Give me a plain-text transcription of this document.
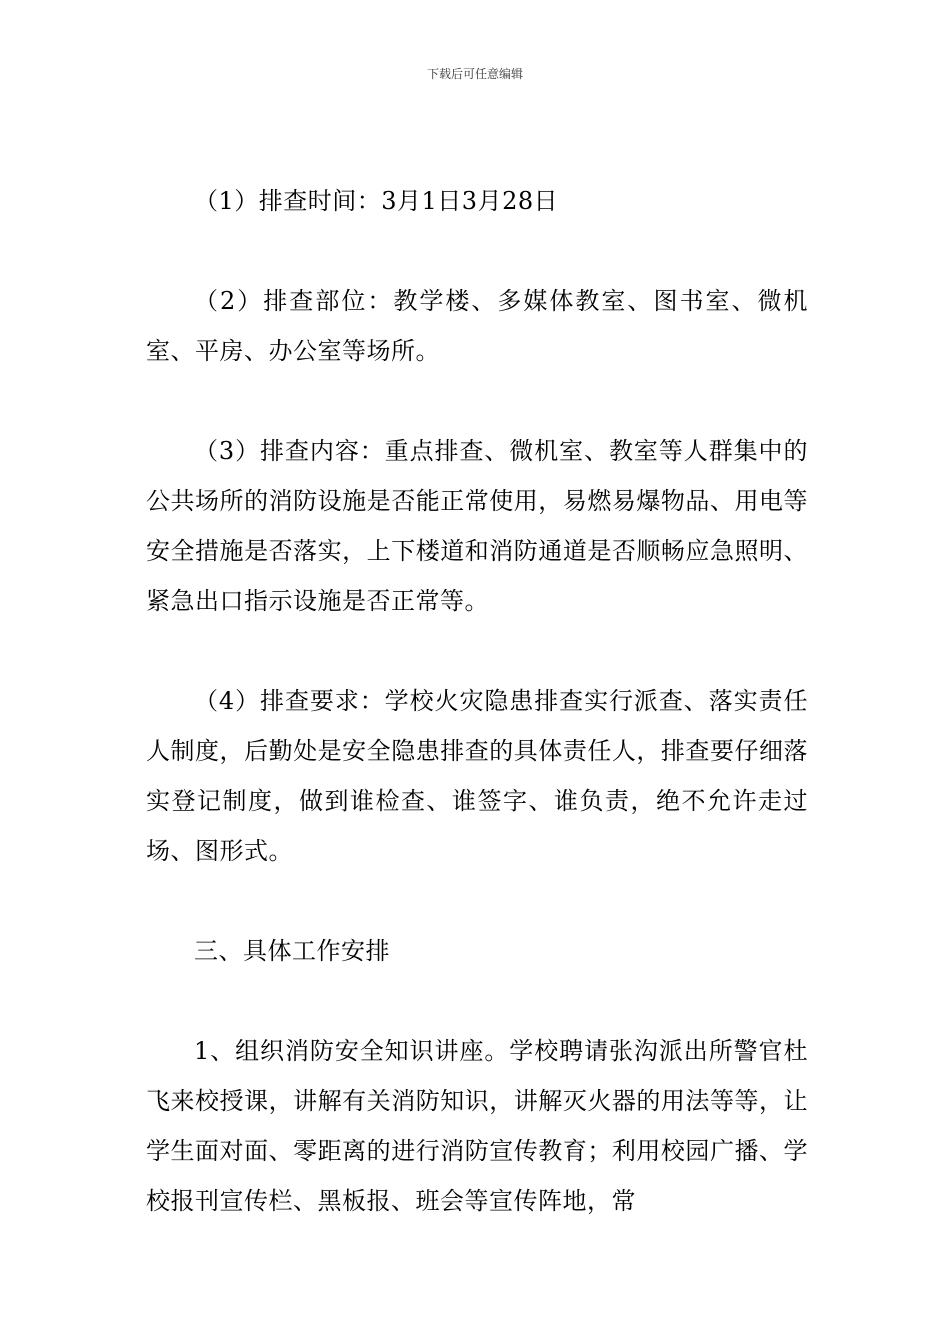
下载后可任意编辑

（1）排查时间：3月1日3月28日

（2）排查部位：教学楼、多媒体教室、图书室、微机室、平房、办公室等场所。

（3）排查内容：重点排查、微机室、教室等人群集中的公共场所的消防设施是否能正常使用，易燃易爆物品、用电等安全措施是否落实，上下楼道和消防通道是否顺畅应急照明、紧急出口指示设施是否正常等。

（4）排查要求：学校火灾隐患排查实行派查、落实责任人制度，后勤处是安全隐患排查的具体责任人，排查要仔细落实登记制度，做到谁检查、谁签字、谁负责，绝不允许走过场、图形式。

三、具体工作安排

1、组织消防安全知识讲座。学校聘请张沟派出所警官杜飞来校授课，讲解有关消防知识，讲解灭火器的用法等等，让学生面对面、零距离的进行消防宣传教育；利用校园广播、学校报刊宣传栏、黑板报、班会等宣传阵地，常
